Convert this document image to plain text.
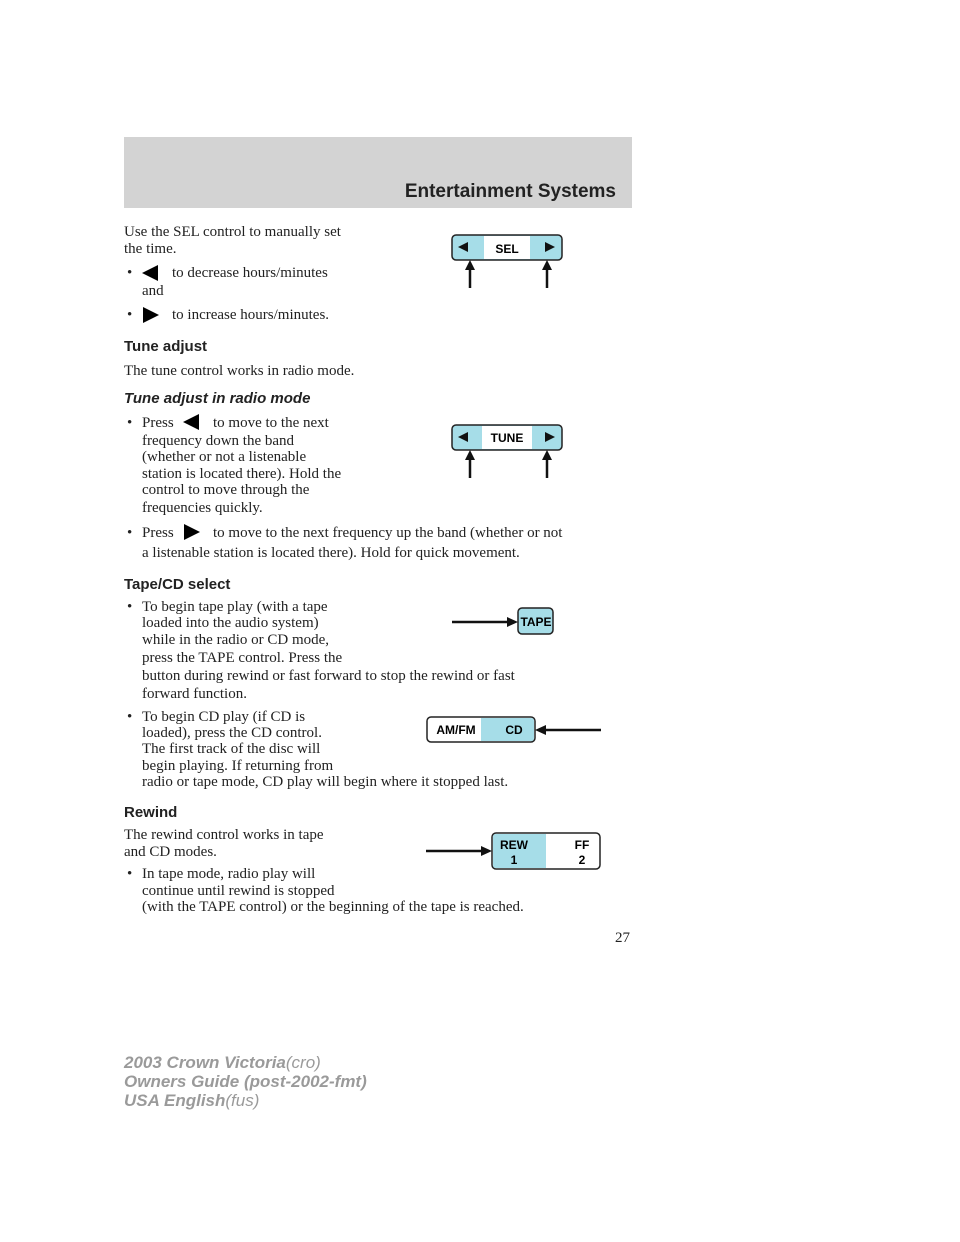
Entertainment Systems
Use the SEL control to manually set
the time.
•	to decrease hours/minutes
and
•	to increase hours/minutes.
SEL
Tune adjust
The tune control works in radio mode.
Tune adjust in radio mode
• Press	to move to the next
frequency down the band
(whether or not a listenable
station is located there). Hold the
control to move through the
frequencies quickly.
TUNE
• Press	to move to the next frequency up the band (whether or not
a listenable station is located there). Hold for quick movement.
Tape/CD select
• To begin tape play (with a tape
loaded into the audio system)
while in the radio or CD mode,
press the TAPE control. Press the
button during rewind or fast forward to stop the rewind or fast
forward function.
TAPE
• To begin CD play (if CD is
loaded), press the CD control.
The first track of the disc will
begin playing. If returning from
radio or tape mode, CD play will begin where it stopped last.
AM/FM CD
Rewind
The rewind control works in tape
and CD modes.
• In tape mode, radio play will
continue until rewind is stopped
(with the TAPE control) or the beginning of the tape is reached.
REW
1
FF
2
27
2003 Crown Victoria(cro)
Owners Guide (post-2002-fmt)
USA English(fus)
